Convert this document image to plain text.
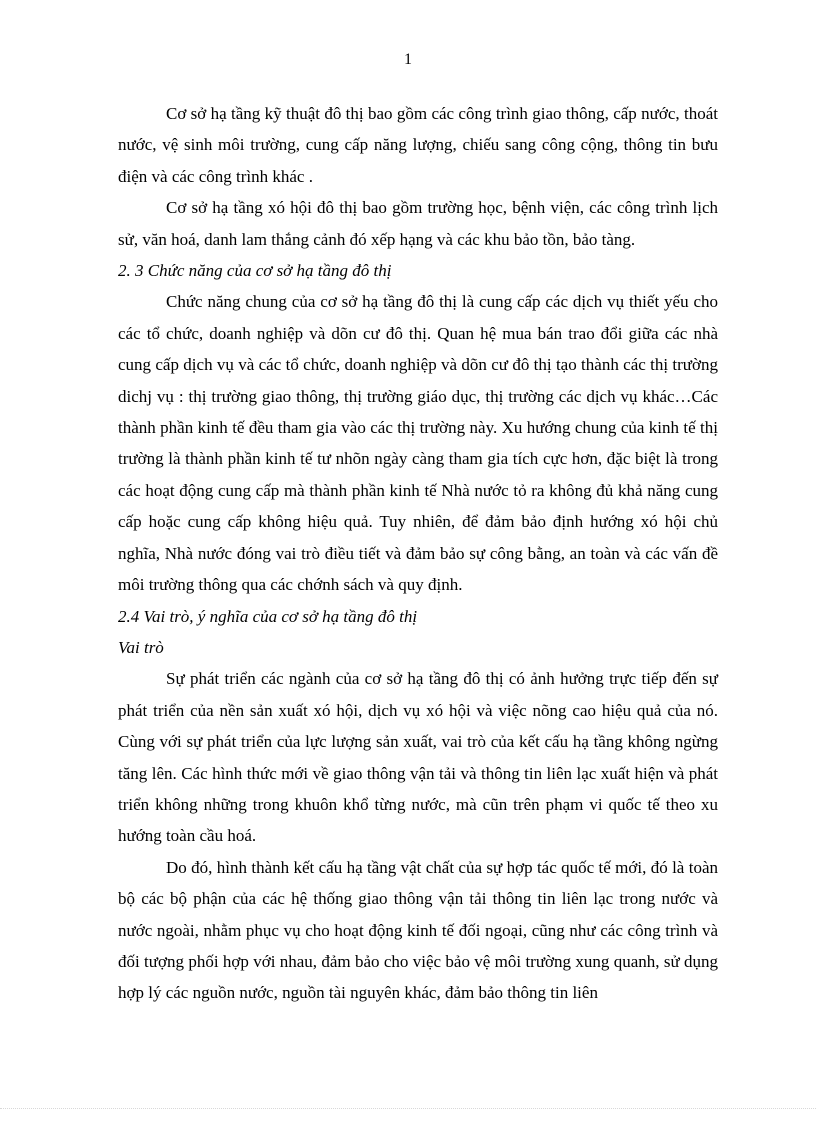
1

Cơ sở hạ tầng kỹ thuật đô thị bao gồm các công trình giao thông, cấp nước, thoát nước, vệ sinh môi trường, cung cấp năng lượng, chiếu sang công cộng, thông tin bưu điện và các công trình khác .

Cơ sở hạ tầng xó hội đô thị bao gồm trường học, bệnh viện, các công trình lịch sử, văn hoá, danh lam thắng cảnh đó xếp hạng và các khu bảo tồn, bảo tàng.

2. 3 Chức năng của cơ sở hạ tầng đô thị

Chức năng chung của cơ sở hạ tầng đô thị là cung cấp các dịch vụ thiết yếu cho các tổ chức, doanh nghiệp và dõn cư đô thị. Quan hệ mua bán trao đổi giữa các nhà cung cấp dịch vụ và các tổ chức, doanh nghiệp và dõn cư đô thị tạo thành các thị trường dichj vụ : thị trường giao thông, thị trường giáo dục, thị trường các dịch vụ khác…Các thành phần kinh tế đều tham gia vào các thị trường này. Xu hướng chung của kinh tế thị trường là thành phần kinh tế tư nhõn ngày càng tham gia tích cực hơn, đặc biệt là trong các hoạt động cung cấp mà thành phần kinh tế Nhà nước tỏ ra không đủ khả năng cung cấp hoặc cung cấp không hiệu quả. Tuy nhiên, để đảm bảo định hướng xó hội chủ nghĩa, Nhà nước đóng vai trò điều tiết và đảm bảo sự công bằng, an toàn và các vấn đề môi trường thông qua các chớnh sách và quy định.

2.4 Vai trò, ý nghĩa của cơ sở hạ tầng đô thị

Vai trò

Sự phát triển các ngành của cơ sở hạ tầng đô thị có ảnh hưởng trực tiếp đến sự phát triển của nền sản xuất xó hội, dịch vụ xó hội và việc nõng cao hiệu quả của nó. Cùng với sự phát triển của lực lượng sản xuất, vai trò của kết cấu hạ tầng không ngừng tăng lên. Các hình thức mới về giao thông vận tải và thông tin liên lạc xuất hiện và phát triển không những trong khuôn khổ từng nước, mà cũn trên phạm vi quốc tế theo xu hướng toàn cầu hoá.

Do đó, hình thành kết cấu hạ tầng vật chất của sự hợp tác quốc tế mới, đó là toàn bộ các bộ phận của các hệ thống giao thông vận tải thông tin liên lạc trong nước và nước ngoài, nhằm phục vụ cho hoạt động kinh tế đối ngoại, cũng như các công trình và đối tượng phối hợp với nhau, đảm bảo cho việc bảo vệ môi trường xung quanh, sử dụng hợp lý các nguồn nước, nguồn tài nguyên khác, đảm bảo thông tin liên
